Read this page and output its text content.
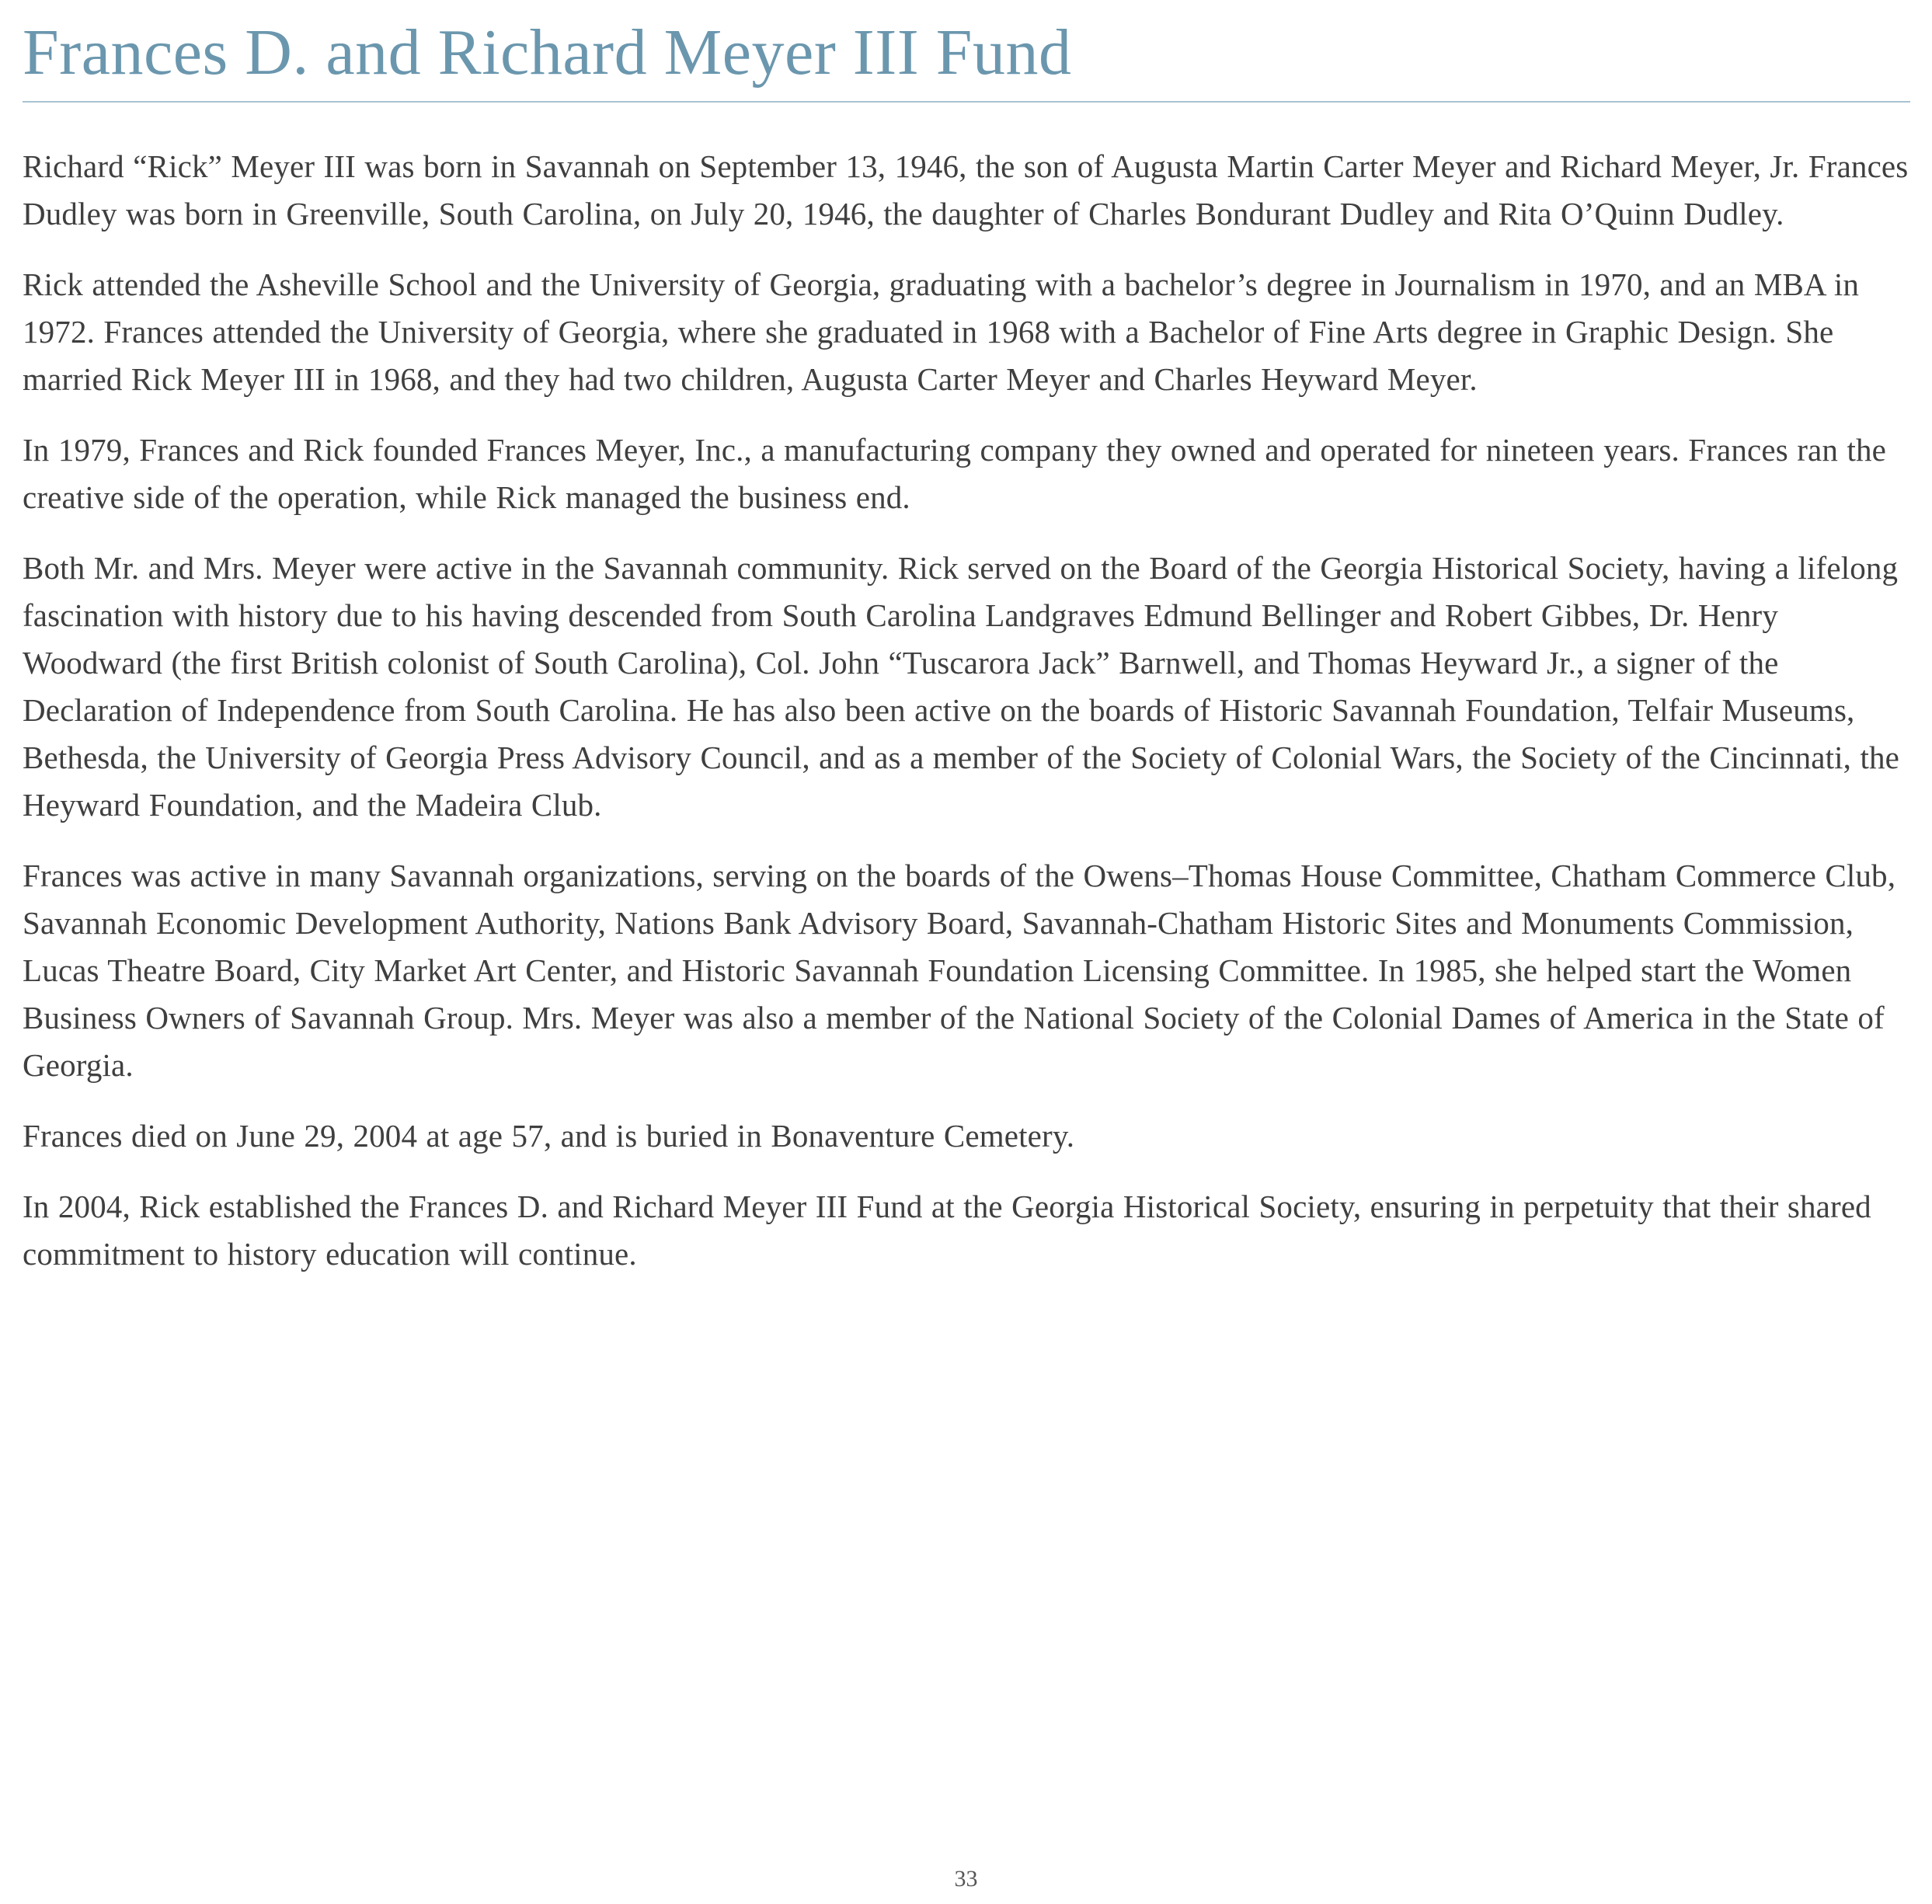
Frances D. and Richard Meyer III Fund

Richard “Rick” Meyer III was born in Savannah on September 13, 1946, the son of Augusta Martin Carter Meyer and Richard Meyer, Jr. Frances Dudley was born in Greenville, South Carolina, on July 20, 1946, the daughter of Charles Bondurant Dudley and Rita O’Quinn Dudley.

Rick attended the Asheville School and the University of Georgia, graduating with a bachelor’s degree in Journalism in 1970, and an MBA in 1972. Frances attended the University of Georgia, where she graduated in 1968 with a Bachelor of Fine Arts degree in Graphic Design. She married Rick Meyer III in 1968, and they had two children, Augusta Carter Meyer and Charles Heyward Meyer.

In 1979, Frances and Rick founded Frances Meyer, Inc., a manufacturing company they owned and operated for nineteen years. Frances ran the creative side of the operation, while Rick managed the business end.

Both Mr. and Mrs. Meyer were active in the Savannah community. Rick served on the Board of the Georgia Historical Society, having a lifelong fascination with history due to his having descended from South Carolina Landgraves Edmund Bellinger and Robert Gibbes, Dr. Henry Woodward (the first British colonist of South Carolina), Col. John “Tuscarora Jack” Barnwell, and Thomas Heyward Jr., a signer of the Declaration of Independence from South Carolina. He has also been active on the boards of Historic Savannah Foundation, Telfair Museums, Bethesda, the University of Georgia Press Advisory Council, and as a member of the Society of Colonial Wars, the Society of the Cincinnati, the Heyward Foundation, and the Madeira Club.

Frances was active in many Savannah organizations, serving on the boards of the Owens–Thomas House Committee, Chatham Commerce Club, Savannah Economic Development Authority, Nations Bank Advisory Board, Savannah-Chatham Historic Sites and Monuments Commission, Lucas Theatre Board, City Market Art Center, and Historic Savannah Foundation Licensing Committee. In 1985, she helped start the Women Business Owners of Savannah Group. Mrs. Meyer was also a member of the National Society of the Colonial Dames of America in the State of Georgia.

Frances died on June 29, 2004 at age 57, and is buried in Bonaventure Cemetery.

In 2004, Rick established the Frances D. and Richard Meyer III Fund at the Georgia Historical Society, ensuring in perpetuity that their shared commitment to history education will continue.

33
